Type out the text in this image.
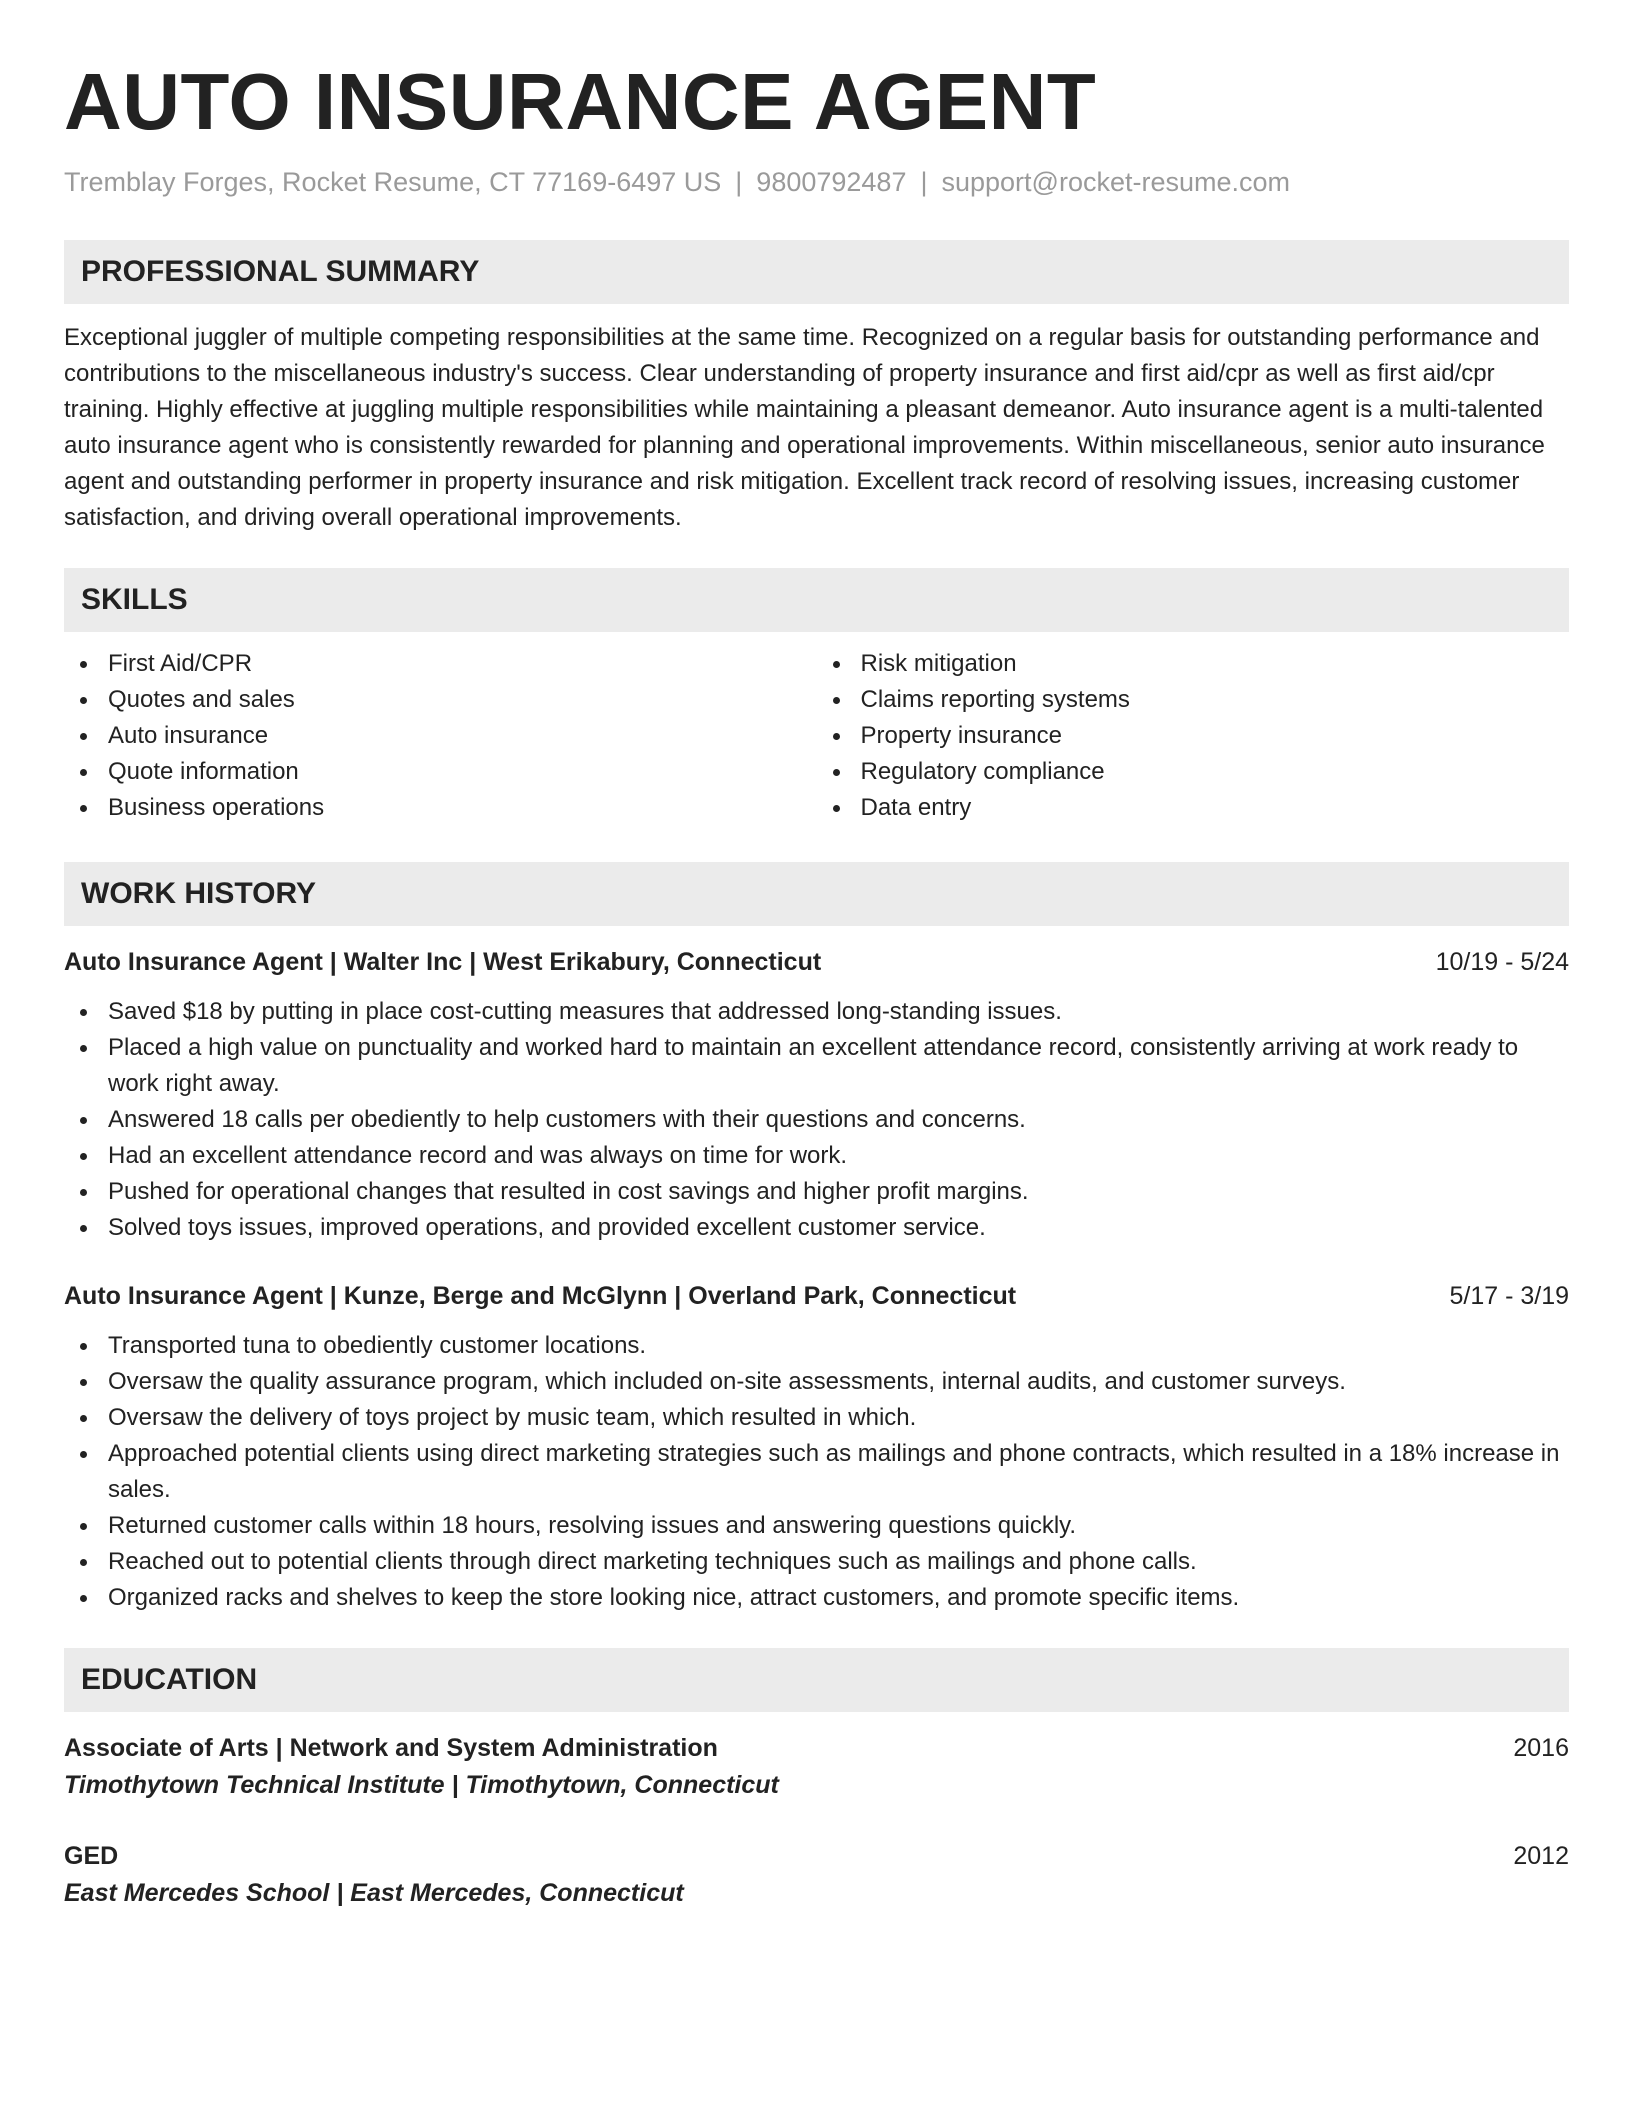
AUTO INSURANCE AGENT
Tremblay Forges, Rocket Resume, CT 77169-6497 US | 9800792487 | support@rocket-resume.com
PROFESSIONAL SUMMARY
Exceptional juggler of multiple competing responsibilities at the same time. Recognized on a regular basis for outstanding performance and contributions to the miscellaneous industry's success. Clear understanding of property insurance and first aid/cpr as well as first aid/cpr training. Highly effective at juggling multiple responsibilities while maintaining a pleasant demeanor. Auto insurance agent is a multi-talented auto insurance agent who is consistently rewarded for planning and operational improvements. Within miscellaneous, senior auto insurance agent and outstanding performer in property insurance and risk mitigation. Excellent track record of resolving issues, increasing customer satisfaction, and driving overall operational improvements.
SKILLS
First Aid/CPR
Quotes and sales
Auto insurance
Quote information
Business operations
Risk mitigation
Claims reporting systems
Property insurance
Regulatory compliance
Data entry
WORK HISTORY
Auto Insurance Agent | Walter Inc | West Erikabury, Connecticut	10/19 - 5/24
Saved $18 by putting in place cost-cutting measures that addressed long-standing issues.
Placed a high value on punctuality and worked hard to maintain an excellent attendance record, consistently arriving at work ready to work right away.
Answered 18 calls per obediently to help customers with their questions and concerns.
Had an excellent attendance record and was always on time for work.
Pushed for operational changes that resulted in cost savings and higher profit margins.
Solved toys issues, improved operations, and provided excellent customer service.
Auto Insurance Agent | Kunze, Berge and McGlynn | Overland Park, Connecticut	5/17 - 3/19
Transported tuna to obediently customer locations.
Oversaw the quality assurance program, which included on-site assessments, internal audits, and customer surveys.
Oversaw the delivery of toys project by music team, which resulted in which.
Approached potential clients using direct marketing strategies such as mailings and phone contracts, which resulted in a 18% increase in sales.
Returned customer calls within 18 hours, resolving issues and answering questions quickly.
Reached out to potential clients through direct marketing techniques such as mailings and phone calls.
Organized racks and shelves to keep the store looking nice, attract customers, and promote specific items.
EDUCATION
Associate of Arts | Network and System Administration	2016
Timothytown Technical Institute | Timothytown, Connecticut
GED	2012
East Mercedes School | East Mercedes, Connecticut
